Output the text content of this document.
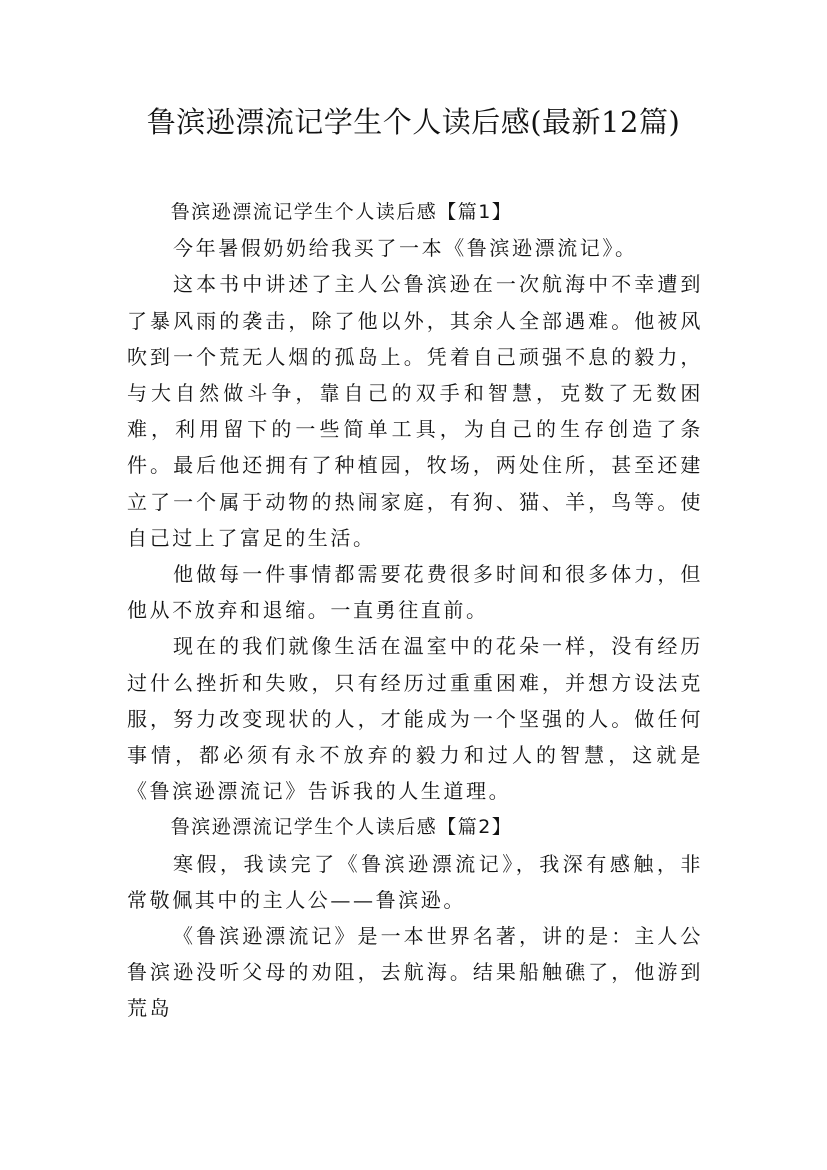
鲁滨逊漂流记学生个人读后感(最新12篇)

鲁滨逊漂流记学生个人读后感【篇1】

今年暑假奶奶给我买了一本《鲁滨逊漂流记》。

这本书中讲述了主人公鲁滨逊在一次航海中不幸遭到了暴风雨的袭击，除了他以外，其余人全部遇难。他被风吹到一个荒无人烟的孤岛上。凭着自己顽强不息的毅力，与大自然做斗争，靠自己的双手和智慧，克数了无数困难，利用留下的一些简单工具，为自己的生存创造了条件。最后他还拥有了种植园，牧场，两处住所，甚至还建立了一个属于动物的热闹家庭，有狗、猫、羊，鸟等。使自己过上了富足的生活。

他做每一件事情都需要花费很多时间和很多体力，但他从不放弃和退缩。一直勇往直前。

现在的我们就像生活在温室中的花朵一样，没有经历过什么挫折和失败，只有经历过重重困难，并想方设法克服，努力改变现状的人，才能成为一个坚强的人。做任何事情，都必须有永不放弃的毅力和过人的智慧，这就是《鲁滨逊漂流记》告诉我的人生道理。

鲁滨逊漂流记学生个人读后感【篇2】

寒假，我读完了《鲁滨逊漂流记》，我深有感触，非常敬佩其中的主人公——鲁滨逊。

《鲁滨逊漂流记》是一本世界名著，讲的是：主人公鲁滨逊没听父母的劝阻，去航海。结果船触礁了，他游到荒岛
